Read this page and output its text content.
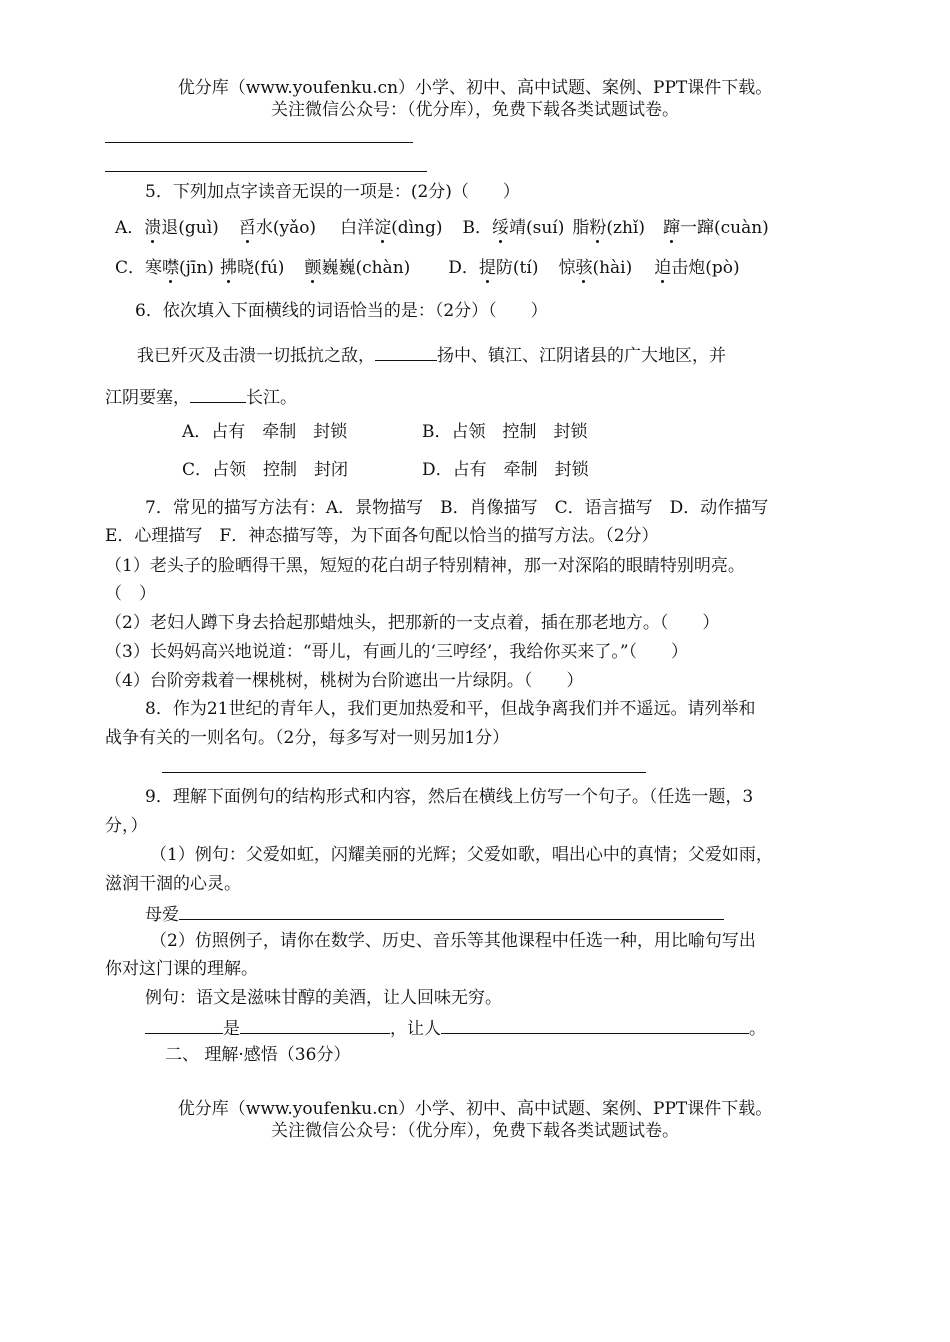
优分库（www.youfenku.cn）小学、初中、高中试题、案例、PPT课件下载。
关注微信公众号：（优分库），免费下载各类试题试卷。
5．下列加点字读音无误的一项是：(2分)（　　）
A．溃退(guì) 舀水(yǎo) 白洋淀(dìng) B．绥靖(suí) 脂粉(zhǐ) 蹿一蹿(cuàn)
C．寒噤(jīn) 拂晓(fú) 颤巍巍(chàn) D．提防(tí) 惊骇(hài) 迫击炮(pò)
6．依次填入下面横线的词语恰当的是：（2分）（　　）
我已歼灭及击溃一切抵抗之敌，	扬中、镇江、江阴诸县的广大地区，并
江阴要塞，	长江。
A．占有　牵制　封锁	B．占领　控制　封锁
C．占领　控制　封闭	D．占有　牵制　封锁
7．常见的描写方法有：A．景物描写　B．肖像描写　C．语言描写　D．动作描写
E．心理描写　F．神态描写等，为下面各句配以恰当的描写方法。（2分）
（1）老头子的脸晒得干黑，短短的花白胡子特别精神，那一对深陷的眼睛特别明亮。
（　）
（2）老妇人蹲下身去拾起那蜡烛头，把那新的一支点着，插在那老地方。（　　）
（3）长妈妈高兴地说道：“哥儿，有画儿的‘三哼经’，我给你买来了。”（　　）
（4）台阶旁栽着一棵桃树，桃树为台阶遮出一片绿阴。（　　）
8．作为21世纪的青年人，我们更加热爱和平，但战争离我们并不遥远。请列举和
战争有关的一则名句。（2分，每多写对一则另加1分）
9．理解下面例句的结构形式和内容，然后在横线上仿写一个句子。（任选一题，3
分，）
（1）例句：父爱如虹，闪耀美丽的光辉；父爱如歌，唱出心中的真情；父爱如雨，
滋润干涸的心灵。
母爱
（2）仿照例子，请你在数学、历史、音乐等其他课程中任选一种，用比喻句写出
你对这门课的理解。
例句：语文是滋味甘醇的美酒，让人回味无穷。
是	，让人	。
二、 理解·感悟（36分）
优分库（www.youfenku.cn）小学、初中、高中试题、案例、PPT课件下载。
关注微信公众号：（优分库），免费下载各类试题试卷。
